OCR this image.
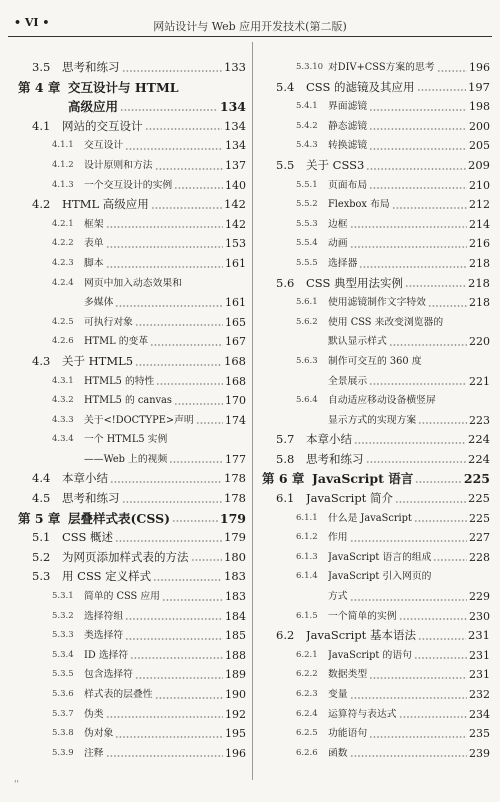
• VI •	网站设计与 Web 应用开发技术(第二版)
3.5	思考和练习	133
第 4 章 交互设计与 HTML
高级应用	134
4.1	网站的交互设计	134
4.1.1	交互设计	134
4.1.2	设计原则和方法	137
4.1.3	一个交互设计的实例	140
4.2	HTML 高级应用	142
4.2.1	框架	142
4.2.2	表单	153
4.2.3	脚本	161
4.2.4	网页中加入动态效果和
多媒体	161
4.2.5	可执行对象	165
4.2.6	HTML 的变革	167
4.3	关于 HTML5	168
4.3.1	HTML5 的特性	168
4.3.2	HTML5 的 canvas	170
4.3.3	关于<!DOCTYPE>声明	174
4.3.4	一个 HTML5 实例
——Web 上的视频	177
4.4	本章小结	178
4.5	思考和练习	178
第 5 章 层叠样式表(CSS)	179
5.1	CSS 概述	179
5.2	为网页添加样式表的方法	180
5.3	用 CSS 定义样式	183
5.3.1	简单的 CSS 应用	183
5.3.2	选择符组	184
5.3.3	类选择符	185
5.3.4	ID 选择符	188
5.3.5	包含选择符	189
5.3.6	样式表的层叠性	190
5.3.7	伪类	192
5.3.8	伪对象	195
5.3.9	注释	196
5.3.10 对DIV+CSS方案的思考	196
5.4	CSS 的滤镜及其应用	197
5.4.1	界面滤镜	198
5.4.2	静态滤镜	200
5.4.3	转换滤镜	205
5.5	关于 CSS3	209
5.5.1	页面布局	210
5.5.2	Flexbox 布局	212
5.5.3	边框	214
5.5.4	动画	216
5.5.5	选择器	218
5.6	CSS 典型用法实例	218
5.6.1	使用滤镜制作文字特效	218
5.6.2	使用 CSS 来改变浏览器的
默认显示样式	220
5.6.3	制作可交互的 360 度
全景展示	221
5.6.4	自动适应移动设备横竖屏
显示方式的实现方案	223
5.7	本章小结	224
5.8	思考和练习	224
第 6 章 JavaScript 语言	225
6.1	JavaScript 简介	225
6.1.1	什么是 JavaScript	225
6.1.2	作用	227
6.1.3	JavaScript 语言的组成	228
6.1.4	JavaScript 引入网页的
方式	229
6.1.5	一个简单的实例	230
6.2	JavaScript 基本语法	231
6.2.1	JavaScript 的语句	231
6.2.2	数据类型	231
6.2.3	变量	232
6.2.4	运算符与表达式	234
6.2.5	功能语句	235
6.2.6	函数	239
''
